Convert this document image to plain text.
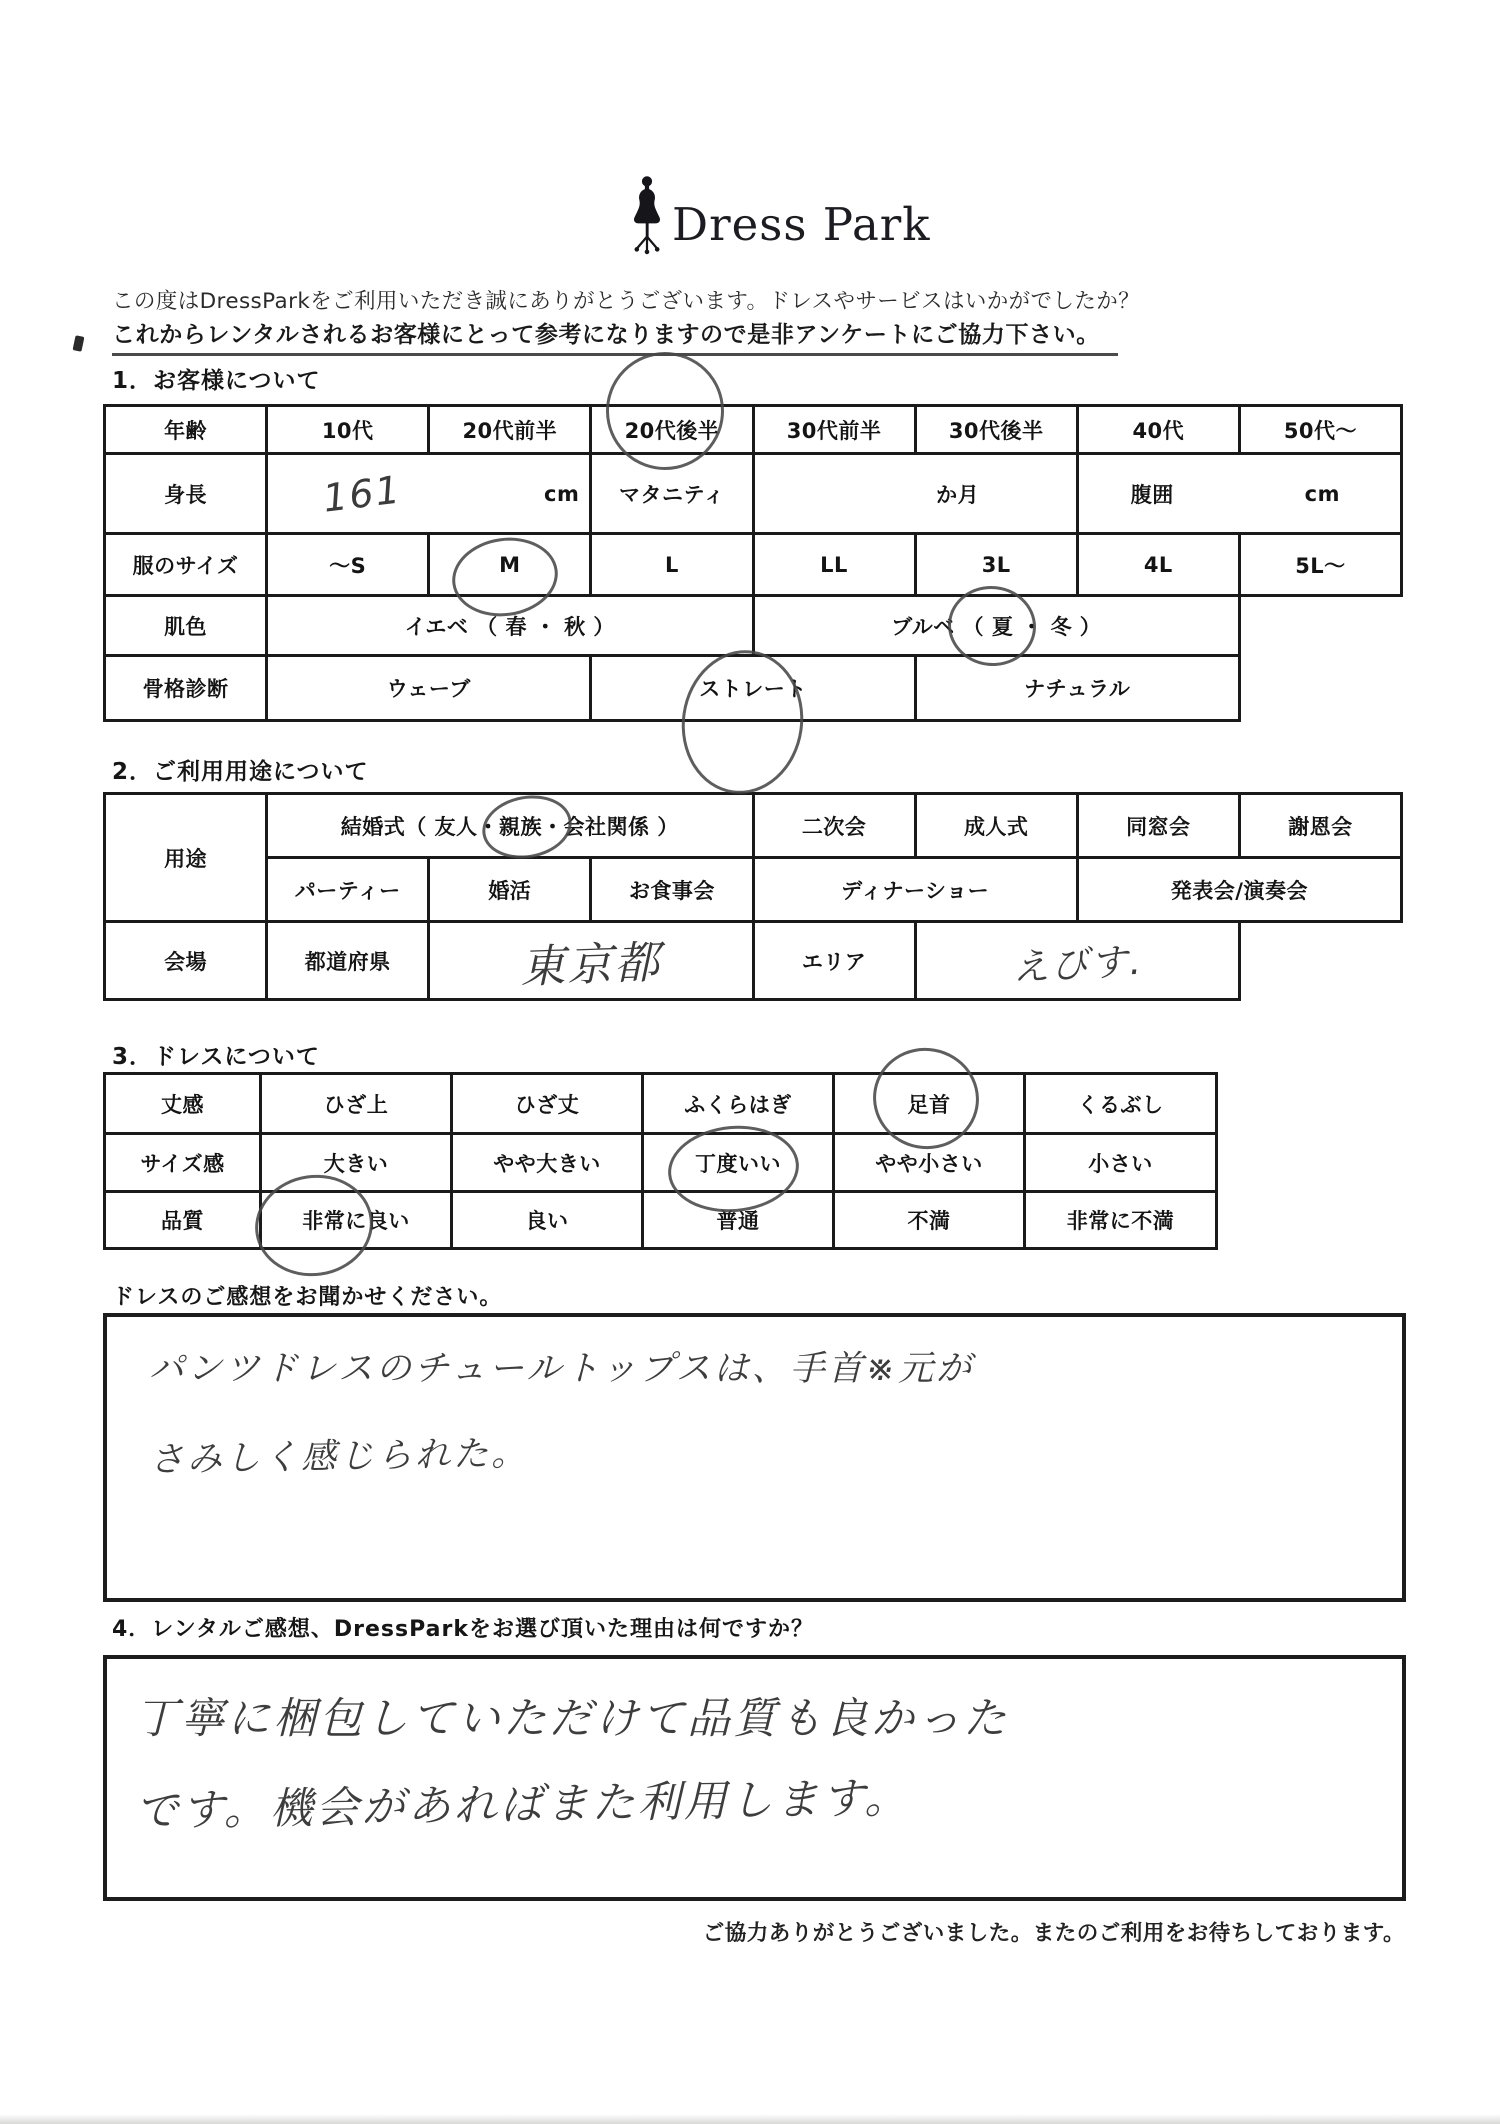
Dress Park
この度はDressParkをご利用いただき誠にありがとうございます。ドレスやサービスはいかがでしたか？
これからレンタルされるお客様にとって参考になりますので是非アンケートにご協力下さい。
1．お客様について
年齢	10代	20代前半	20代後半	30代前半	30代後半	40代	50代～
身長	161 cm		マタニティ	か月		腹囲 cm	

服のサイズ	～S	M	L	LL	3L	4L	5L～
肌色	イエベ （ 春 ・ 秋 ）			ブルベ （ 夏 ・ 冬 ）			
骨格診断	ウェーブ		ストレート		ナチュラル		
2．ご利用用途について
用途	結婚式（ 友人・親族・会社関係 ）			二次会	成人式	同窓会	謝恩会
	パーティー	婚活	お食事会	ディナーショー		発表会/演奏会	
会場	都道府県	東京都		エリア	えびす.		
3．ドレスについて
丈感	ひざ上	ひざ丈	ふくらはぎ	足首	くるぶし
サイズ感	大きい	やや大きい	丁度いい	やや小さい	小さい
品質	非常に良い	良い	普通	不満	非常に不満
ドレスのご感想をお聞かせください。
パンツドレスのチュールトップスは、手首※元が
さみしく感じられた。
4．レンタルご感想、DressParkをお選び頂いた理由は何ですか？
丁寧に梱包していただけて品質も良かった
です。機会があればまた利用します。
ご協力ありがとうございました。またのご利用をお待ちしております。
